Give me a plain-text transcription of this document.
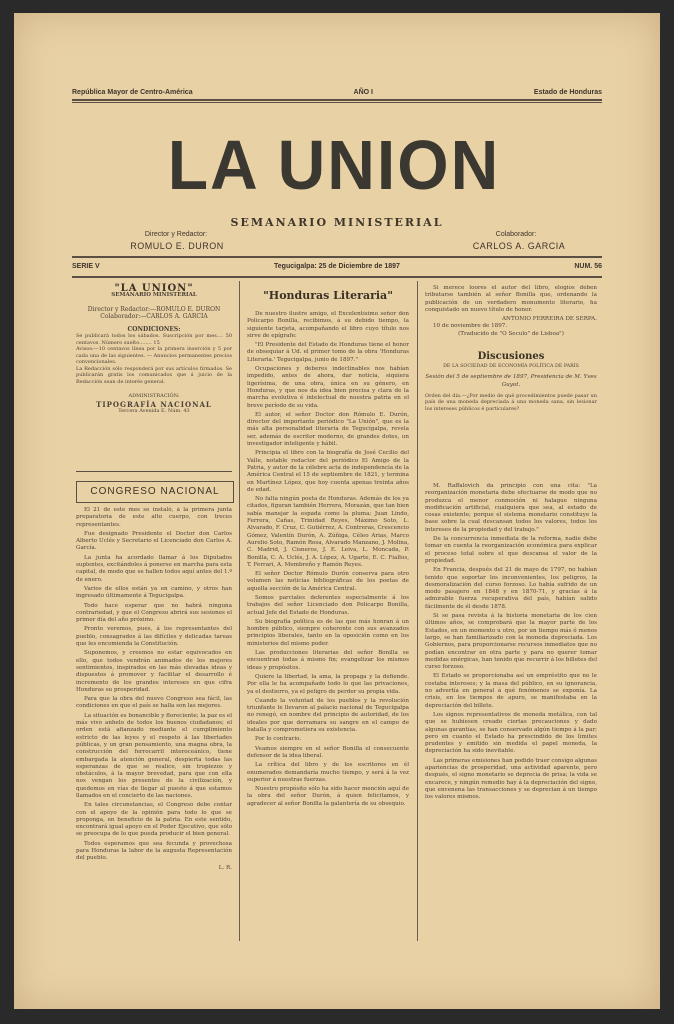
República Mayor de Centro-América	AÑO I	Estado de Honduras
LA UNION
SEMANARIO MINISTERIAL
Director y Redactor:
ROMULO E. DURON
Colaborador:
CARLOS A. GARCIA
SERIE V	Tegucigalpa: 25 de Diciembre de 1897	NUM. 56
"LA UNION"
SEMANARIO MINISTERIAL
Director y Redactor:—ROMULO E. DURON
Colaborador:—CARLOS A. GARCIA
CONDICIONES:
Se publicará todos los sábados. Suscripción por mes.... 50 centavos. Número suelto........ 15
Avisos:—10 centavos línea por la primera inserción y 5 por cada una de las siguientes. — Anuncios permanentes precios convencionales.
La Redacción sólo responderá por sus artículos firmados. Se publicarán gratis los comunicados que á juicio de la Redacción sean de interés general.
ADMINISTRACIÓN:
TIPOGRAFÍA NACIONAL
Tercera Avenida E. Núm. 43
CONGRESO NACIONAL

El 21 de este mes se instaló, á la primera junta preparatoria de este alto cuerpo, con treces representantes.

Fue designado Presidente el Doctor don Carlos Alberto Uclés y Secretario el Licenciado don Carlos A. García.

La junta ha acordado llamar á los Diputados suplentes, excitándoles á ponerse en marcha para esta capital, de modo que se hallen todos aquí antes del 1.º de enero.

Varios de ellos están ya en camino, y otros han ingresado últimamente á Tegucigalpa.

Todo hace esperar que no habrá ninguna contrariedad, y que el Congreso abrirá sus sesiones el primer día del año próximo.

Pronto veremos, pues, á los representantes del pueblo, consagrados á las difíciles y delicadas tareas que les encomienda la Constitución.

Suponemos, y creemos no estar equivocados en ello, que todos vendrán animados de los mejores sentimientos, inspirados en las más elevadas ideas y dispuestos á promover y facilitar el desarrollo é incremento de los grandes intereses en que cifra Honduras su prosperidad.

Para que la obra del nuevo Congreso sea fácil, las condiciones en que el país se halla son las mejores.

La situación es bonancible y floreciente; la paz es el más vivo anhelo de todos los buenos ciudadanos; el orden está afianzado mediante el cumplimiento estricto de las leyes y el respeto á las libertades públicas, y un gran pensamiento, una magna obra, la construcción del ferrocarril interoceánico, tiene embargada la atención general, despierta todas las esperanzas de que se realice, sin tropiezos y obstáculos, á la mayor brevedad, para que con ella nos vengan los presentes de la civilización, y quedemos en vías de llegar al puesto á que estamos llamados en el concierto de las naciones.

En tales circunstancias, el Congreso debe contar con el apoyo de la opinión para todo lo que se proponga, en beneficio de la patria. En este sentido, encontrará igual apoyo en el Poder Ejecutivo, que sólo se preocupa de lo que pueda producir el bien general.

Todos esperamos que sea fecunda y provechosa para Honduras la labor de la augusta Representación del pueblo.

L. R.
"Honduras Literaria"

De nuestro ilustre amigo, el Excelentísimo señor don Policarpo Bonilla, recibimos, á su debido tiempo, la siguiente tarjeta, acompañando el libro cuyo título nos sirve de epígrafe:

"El Presidente del Estado de Honduras tiene el honor de obsequiar á Ud. el primer tomo de la obra 'Honduras Literaria.' Tegucigalpa, junio de 1897."

Ocupaciones y deberes indeclinables nos habían impedido, antes de ahora, dar noticia, siquiera ligerísima, de una obra, única en su género, en Honduras, y que nos da idea bien precisa y clara de la marcha evolutiva é intelectual de nuestra patria en el breve período de su vida.

El autor, el señor Doctor don Rómulo E. Durón, director del importante periódico "La Unión", que es la más alta personalidad literaria de Tegucigalpa, revela ser, además de escritor moderno, de grandes dotes, un investigador inteligente y hábil.

Principia el libro con la biografía de José Cecilio del Valle, notable redactor del periódico El Amigo de la Patria, y autor de la célebre acta de independencia de la América Central el 15 de septiembre de 1821, y termina en Martínez López, que hoy cuenta apenas treinta años de edad.

No falta ningún poeta de Honduras. Además de los ya citados, figuran también Herrera, Morazán, que tan bien sabía manejar la espada como la pluma; Juan Lindo, Ferrera, Cañas, Trinidad Reyes, Máximo Soto, L. Alvarado, F. Cruz, C. Gutiérrez, A. Contreras, Crescencio Gómez, Valentín Durón, A. Zúñiga, Céleo Arias, Marco Aurelio Soto, Ramón Rosa, Alvarado Manzano, J. Molina, C. Madrid, J. Cisneros, J. E. Leiva, L. Moncada, P. Bonilla, C. A. Uclés, J. A. López, A. Ugarte, E. C. Fiallos, T. Ferrari, A. Membreño y Ramón Reyes.

El señor Doctor Rómulo Durón conserva para otro volumen las noticias bibliográficas de los poetas de aquella sección de la América Central.

Somos parciales deferentes especialmente á los trabajos del señor Licenciado don Policarpo Bonilla, actual Jefe del Estado de Honduras.

Su biografía política es de las que más honran á un hombre público, siempre coherente con sus avanzados principios liberales, tanto en la oposición como en los ministerios del mismo poder.

Las producciones literarias del señor Bonilla se encuentran todas á mismo fin; evangelizar los mismos ideas y propósitos.

Quiere la libertad, la ama, la propaga y la defiende. Por ella le ha acompañado todo lo que las privaciones, ya el destierro, ya el peligro de perder su propia vida.

Cuando la voluntad de los pueblos y la revolución triunfante le llevaron al palacio nacional de Tegucigalpa no renegó, en nombre del principio de autoridad, de los ideales por que derramara su sangre en el campo de batalla y comprometiera su existencia.

Por lo contrario.

Veamos siempre en el señor Bonilla el consecuente defensor de la idea liberal.

La crítica del libro y de los escritores en él enumerados demandaría mucho tiempo, y será á la vez superior á nuestras fuerzas.

Nuestro propósito sólo ha sido hacer mención aquí de la obra del señor Durón, á quien felicitamos, y agradecer al señor Bonilla la galantería de su obsequio.

Si merece loores el autor del libro, elogios deben tributarse también al señor Bonilla que, ordenando la publicación de un verdadero monumento literario, ha conquistado un nuevo título de honor.

ANTONIO FERREIRA DE SERPA.
10 de noviembre de 1897.
(Traducido de "O Seculo" de Lisboa")
Discusiones
DE LA SOCIEDAD DE ECONOMÍA POLÍTICA DE PARÍS
Sesión del 5 de septiembre de 1897, Presidencia de M. Yves Guyot.
Orden del día.—¿Por medio de qué procedimientos puede pasar un país de una moneda depreciada á una moneda sana, sin lesionar los intereses públicos é particulares?

M. Raffalovich da principio con una cita: "La reorganización monetaria debe efectuarse de modo que no produzca el menor conmoción ni halague ninguna modificación artificial, cualquiera que sea, al estado de cosas existente; porque el sistema monetario constituye la base sobre la cual descansan todos los valores, todos los intereses de la propiedad y del trabajo."

De la concurrencia inmediata de la reforma, nadie debe tomar en cuenta la reorganización económica para explicar el proceso total sobre el que descansa el valor de la propiedad.

En Francia, después del 21 de mayo de 1797, no habían tenido que soportar los inconvenientes, los peligros, la desmoralización del curso forzoso. Lo había sufrido de un modo pasajero en 1848 y en 1870-71, y gracias á la admirable fuerza recuperativa del país, habían salido fácilmente de él desde 1878.

Si se pasa revista á la historia monetaria de los cien últimos años, se comprobará que la mayor parte de los Estados, en un momento u otro, por un tiempo más ó menos largo, se han familiarizado con la moneda depreciada. Los Gobiernos, para proporcionarse recursos inmediatos que no podían encontrar en otra parte y para no querer tomar medidas enérgicas, han tenido que recurrir á los billetes del curso forzoso.

El Estado se proporcionaba así un empréstito que no le costaba intereses; y la masa del público, en su ignorancia, no advertía en general á qué fenómenos se exponía. La crisis, en los tiempos de apuro, se manifestaba en la depreciación del billete.

Los signos representativos de moneda metálica, con tal que se hubiesen creado ciertas precauciones y dado algunas garantías, se han conservado algún tiempo á la par; pero en cuanto el Estado ha prescindido de los límites prudentes y emitido sin medida el papel moneda, la depreciación ha sido inevitable.

Las primeras emisiones han podido traer consigo algunas apariencias de prosperidad, una actividad aparente, pero después, el signo monetario se deprecia de prisa; la vida se encarece, y ningún remedio hay á la depreciación del signo, que envenena las transacciones y se deprecian á un tiempo los valores mismos.
